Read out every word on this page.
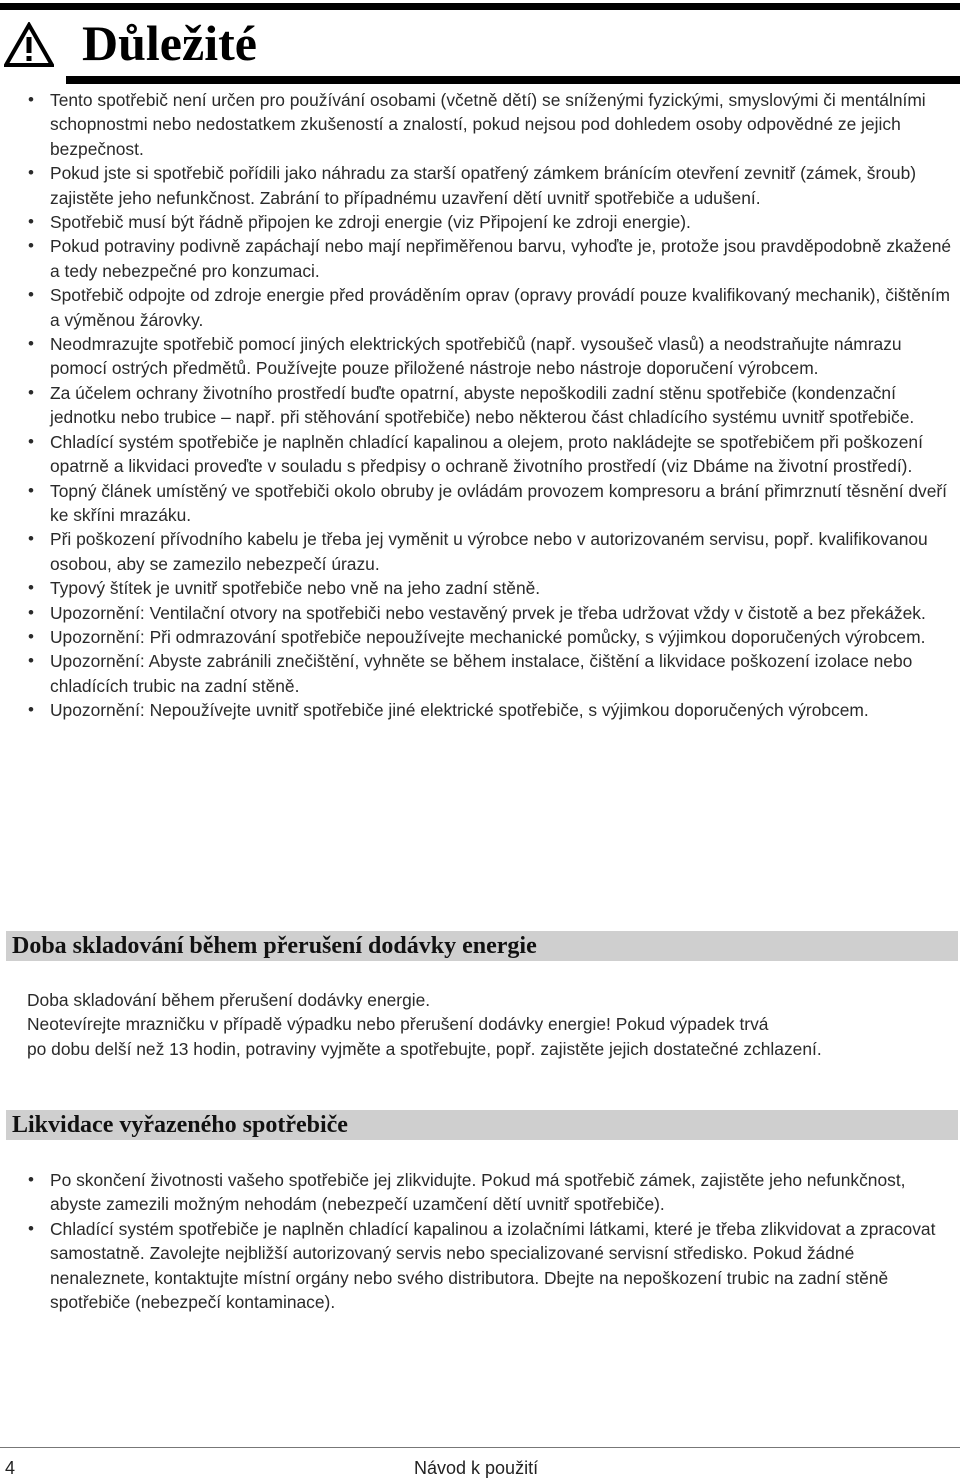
Důležité
• Tento spotřebič není určen pro používání osobami (včetně dětí) se sníženými fyzickými, smyslovými či mentálními schopnostmi nebo nedostatkem zkušeností a znalostí, pokud nejsou pod dohledem osoby odpovědné ze jejich bezpečnost.
• Pokud jste si spotřebič pořídili jako náhradu za starší opatřený zámkem bránícím otevření zevnitř (zámek, šroub) zajistěte jeho nefunkčnost. Zabrání to případnému uzavření dětí uvnitř spotřebiče a udušení.
• Spotřebič musí být řádně připojen ke zdroji energie (viz Připojení ke zdroji energie).
• Pokud potraviny podivně zapáchají nebo mají nepřiměřenou barvu, vyhoďte je, protože jsou pravděpodobně zkažené a tedy nebezpečné pro konzumaci.
• Spotřebič odpojte od zdroje energie před prováděním oprav (opravy provádí pouze kvalifikovaný mechanik), čištěním a výměnou žárovky.
• Neodmrazujte spotřebič pomocí jiných elektrických spotřebičů (např. vysoušeč vlasů) a neodstraňujte námrazu pomocí ostrých předmětů. Používejte pouze přiložené nástroje nebo nástroje doporučení výrobcem.
• Za účelem ochrany životního prostředí buďte opatrní, abyste nepoškodili zadní stěnu spotřebiče (kondenzační jednotku nebo trubice – např. při stěhování spotřebiče) nebo některou část chladícího systému uvnitř spotřebiče.
• Chladící systém spotřebiče je naplněn chladící kapalinou a olejem, proto nakládejte se spotřebičem při poškození opatrně a likvidaci proveďte v souladu s předpisy o ochraně životního prostředí (viz Dbáme na životní prostředí).
• Topný článek umístěný ve spotřebiči okolo obruby je ovládám provozem kompresoru a brání přimrznutí těsnění dveří ke skříni mrazáku.
• Při poškození přívodního kabelu je třeba jej vyměnit u výrobce nebo v autorizovaném servisu, popř. kvalifikovanou osobou, aby se zamezilo nebezpečí úrazu.
• Typový štítek je uvnitř spotřebiče nebo vně na jeho zadní stěně.
• Upozornění: Ventilační otvory na spotřebiči nebo vestavěný prvek je třeba udržovat vždy v čistotě a bez překážek.
• Upozornění: Při odmrazování spotřebiče nepoužívejte mechanické pomůcky, s výjimkou doporučených výrobcem.
• Upozornění: Abyste zabránili znečištění, vyhněte se během instalace, čištění a likvidace poškození izolace nebo chladících trubic na zadní stěně.
• Upozornění: Nepoužívejte uvnitř spotřebiče jiné elektrické spotřebiče, s výjimkou doporučených výrobcem.
Doba skladování během přerušení dodávky energie
Doba skladování během přerušení dodávky energie.
Neotevírejte mrazničku v případě výpadku nebo přerušení dodávky energie! Pokud výpadek trvá
po dobu delší než 13 hodin, potraviny vyjměte a spotřebujte, popř. zajistěte jejich dostatečné zchlazení.
Likvidace vyřazeného spotřebiče
• Po skončení životnosti vašeho spotřebiče jej zlikvidujte. Pokud má spotřebič zámek, zajistěte jeho nefunkčnost, abyste zamezili možným nehodám (nebezpečí uzamčení dětí uvnitř spotřebiče).
• Chladící systém spotřebiče je naplněn chladící kapalinou a izolačními látkami, které je třeba zlikvidovat a zpracovat samostatně. Zavolejte nejbližší autorizovaný servis nebo specializované servisní středisko. Pokud žádné nenaleznete, kontaktujte místní orgány nebo svého distributora. Dbejte na nepoškození trubic na zadní stěně spotřebiče (nebezpečí kontaminace).
4	Návod k použití
